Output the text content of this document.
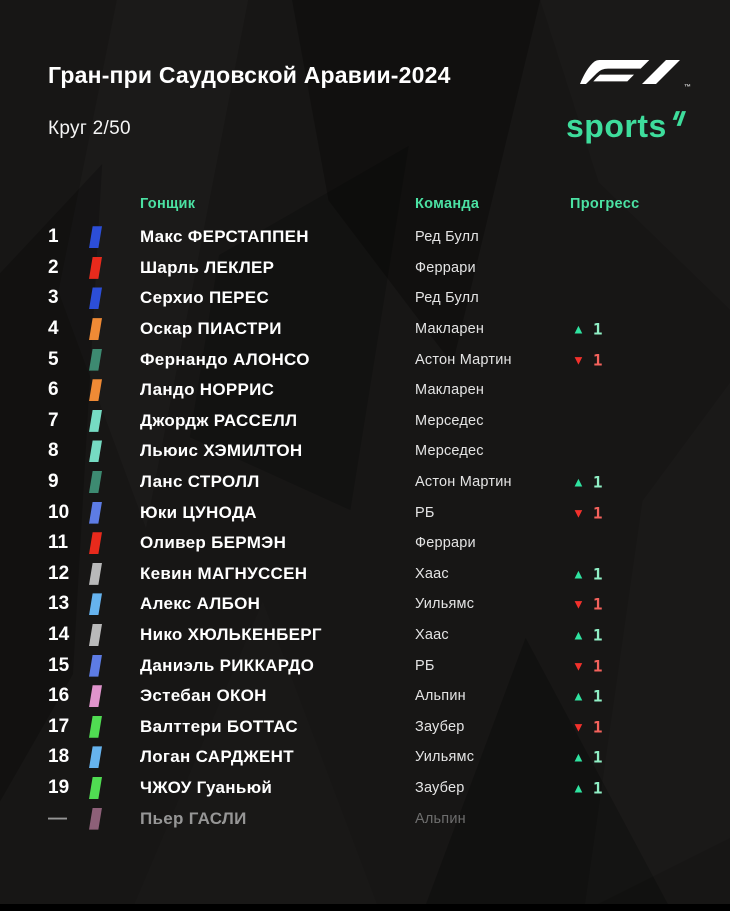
Гран-при Саудовской Аравии-2024
Круг 2/50
™
sports
Гонщик	Команда	Прогресс
1	Макс ФЕРСТАППЕН	Ред Булл
2	Шарль ЛЕКЛЕР	Феррари
3	Серхио ПЕРЕС	Ред Булл
4	Оскар ПИАСТРИ	Макларен	▲ 1
5	Фернандо АЛОНСО	Астон Мартин	▼ 1
6	Ландо НОРРИС	Макларен
7	Джордж РАССЕЛЛ	Мерседес
8	Льюис ХЭМИЛТОН	Мерседес
9	Ланс СТРОЛЛ	Астон Мартин	▲ 1
10	Юки ЦУНОДА	РБ	▼ 1
11	Оливер БЕРМЭН	Феррари
12	Кевин МАГНУССЕН	Хаас	▲ 1
13	Алекс АЛБОН	Уильямс	▼ 1
14	Нико ХЮЛЬКЕНБЕРГ	Хаас	▲ 1
15	Даниэль РИККАРДО	РБ	▼ 1
16	Эстебан ОКОН	Альпин	▲ 1
17	Валттери БОТТАС	Заубер	▼ 1
18	Логан САРДЖЕНТ	Уильямс	▲ 1
19	ЧЖОУ Гуаньюй	Заубер	▲ 1
—	Пьер ГАСЛИ	Альпин
